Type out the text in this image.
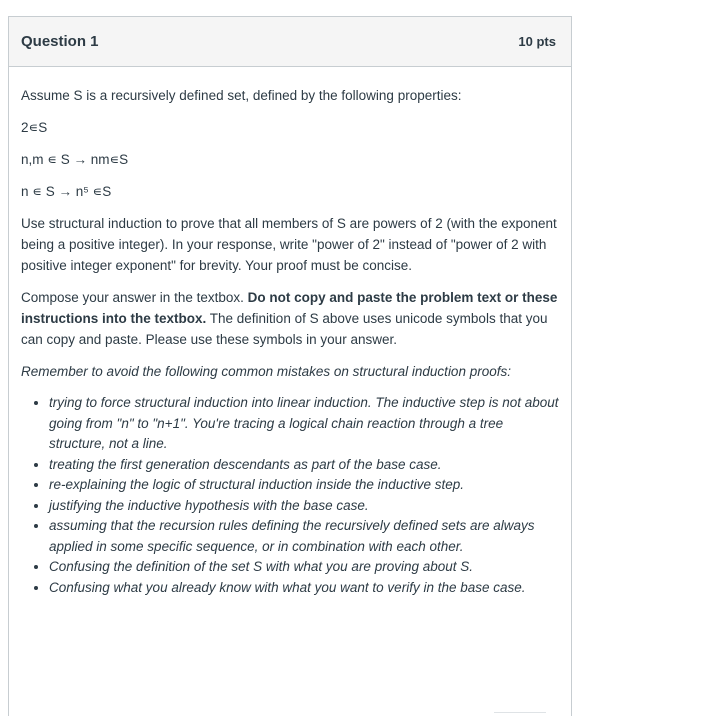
Question 1	10 pts

Assume S is a recursively defined set, defined by the following properties:

2∊S

n,m ∊ S → nm∊S

n ∊ S → n⁵ ∊S

Use structural induction to prove that all members of S are powers of 2 (with the exponent being a positive integer). In your response, write "power of 2" instead of "power of 2 with positive integer exponent" for brevity. Your proof must be concise.

Compose your answer in the textbox. Do not copy and paste the problem text or these instructions into the textbox. The definition of S above uses unicode symbols that you can copy and paste. Please use these symbols in your answer.

Remember to avoid the following common mistakes on structural induction proofs:

• trying to force structural induction into linear induction. The inductive step is not about going from "n" to "n+1". You're tracing a logical chain reaction through a tree structure, not a line.
• treating the first generation descendants as part of the base case.
• re-explaining the logic of structural induction inside the inductive step.
• justifying the inductive hypothesis with the base case.
• assuming that the recursion rules defining the recursively defined sets are always applied in some specific sequence, or in combination with each other.
• Confusing the definition of the set S with what you are proving about S.
• Confusing what you already know with what you want to verify in the base case.
